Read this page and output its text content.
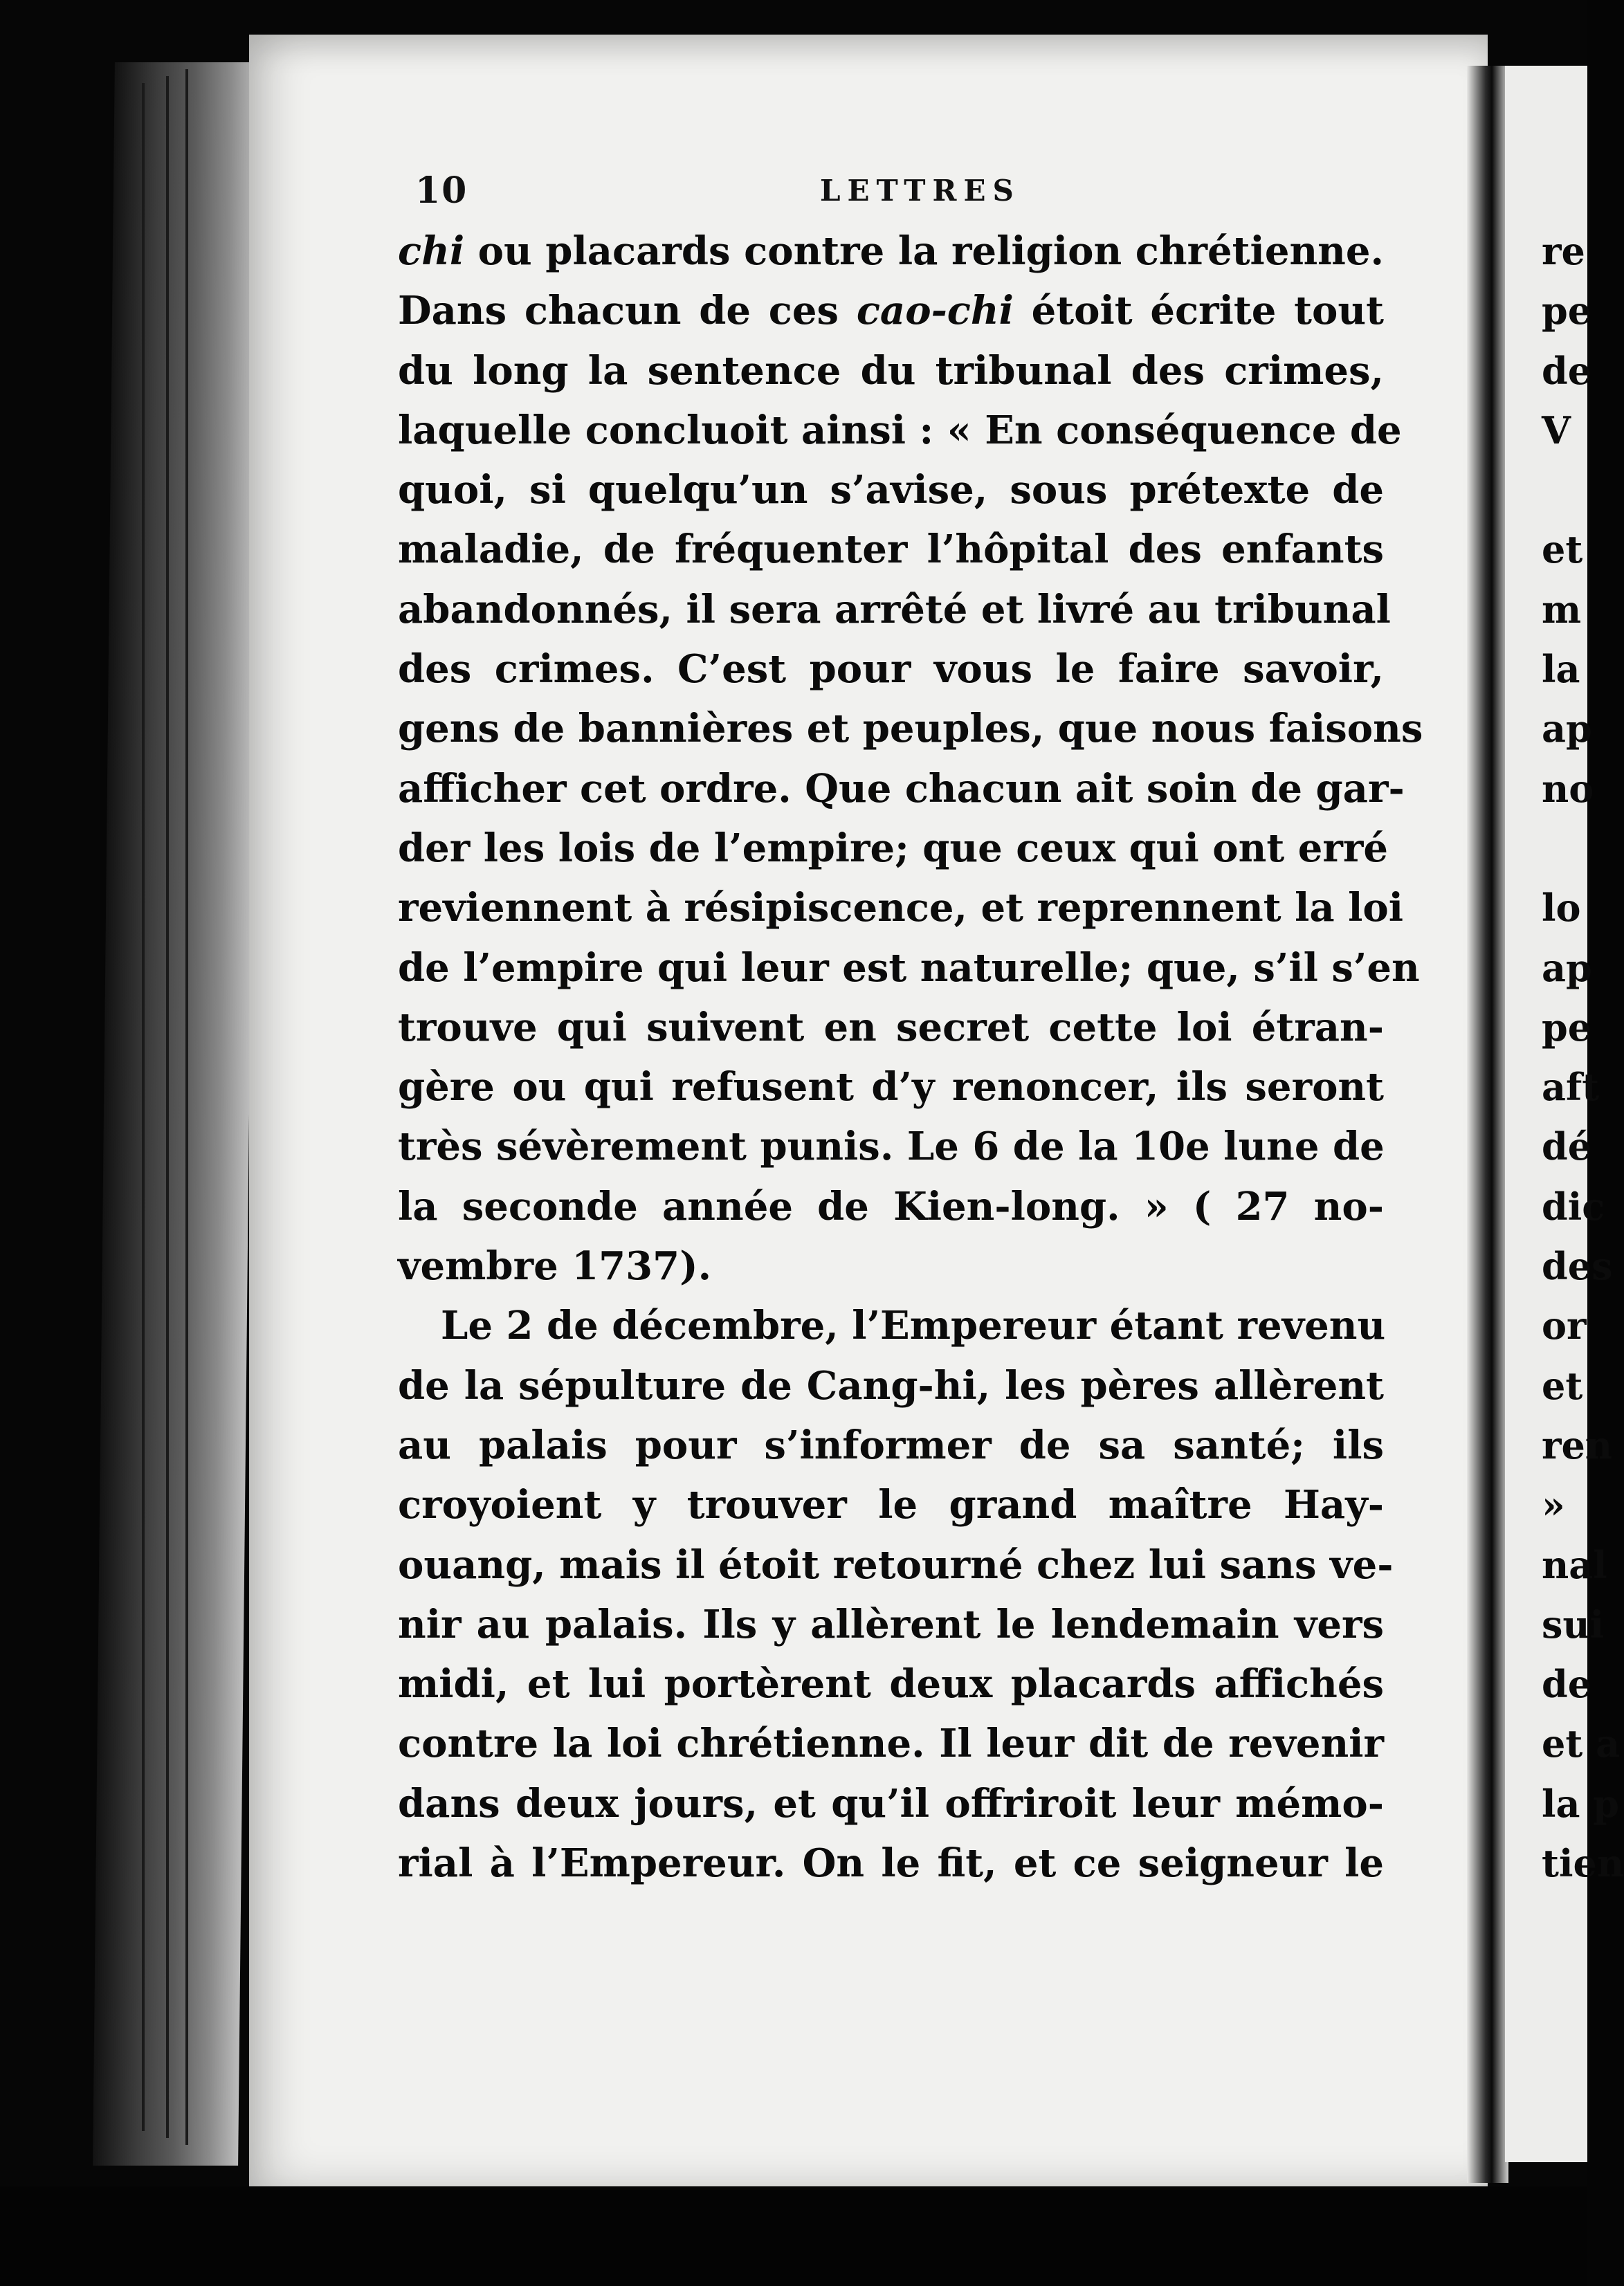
10	LETTRES
chi ou placards contre la religion chrétienne.
Dans chacun de ces cao-chi étoit écrite tout
du long la sentence du tribunal des crimes,
laquelle concluoit ainsi : « En conséquence de
quoi, si quelqu’un s’avise, sous prétexte de
maladie, de fréquenter l’hôpital des enfants
abandonnés, il sera arrêté et livré au tribunal
des crimes. C’est pour vous le faire savoir,
gens de bannières et peuples, que nous faisons
afficher cet ordre. Que chacun ait soin de gar-
der les lois de l’empire; que ceux qui ont erré
reviennent à résipiscence, et reprennent la loi
de l’empire qui leur est naturelle; que, s’il s’en
trouve qui suivent en secret cette loi étran-
gère ou qui refusent d’y renoncer, ils seront
très sévèrement punis. Le 6 de la 10e lune de
la seconde année de Kien-long. » ( 27 no-
vembre 1737).
Le 2 de décembre, l’Empereur étant revenu
de la sépulture de Cang-hi, les pères allèrent
au palais pour s’informer de sa santé; ils
croyoient y trouver le grand maître Hay-
ouang, mais il étoit retourné chez lui sans ve-
nir au palais. Ils y allèrent le lendemain vers
midi, et lui portèrent deux placards affichés
contre la loi chrétienne. Il leur dit de revenir
dans deux jours, et qu’il offriroit leur mémo-
rial à l’Empereur. On le fit, et ce seigneur le
re
pe
de
V
et
m
la
ap
no
lo
ap
pe
aft
dé
dic
des
or
et
ren
»
nal
sui
de
et a
la p
tien
